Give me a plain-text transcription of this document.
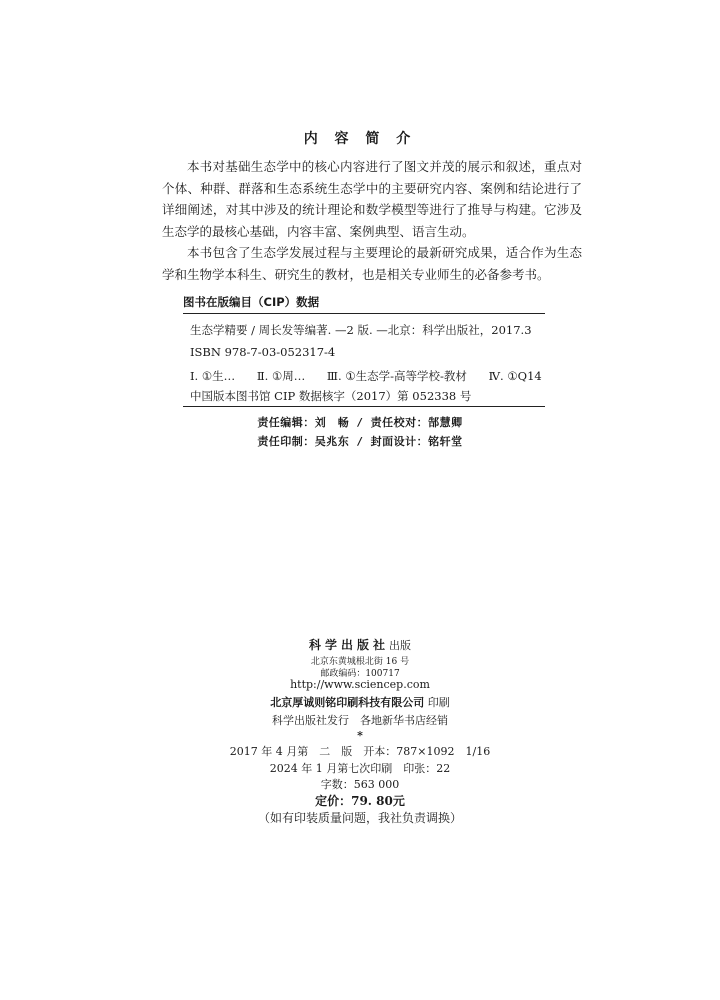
内 容 简 介

本书对基础生态学中的核心内容进行了图文并茂的展示和叙述，重点对个体、种群、群落和生态系统生态学中的主要研究内容、案例和结论进行了详细阐述，对其中涉及的统计理论和数学模型等进行了推导与构建。它涉及生态学的最核心基础，内容丰富、案例典型、语言生动。

本书包含了生态学发展过程与主要理论的最新研究成果，适合作为生态学和生物学本科生、研究生的教材，也是相关专业师生的必备参考书。

图书在版编目（CIP）数据
生态学精要 / 周长发等编著. —2 版. —北京：科学出版社，2017.3
ISBN 978-7-03-052317-4
Ⅰ. ①生… Ⅱ. ①周… Ⅲ. ①生态学-高等学校-教材 Ⅳ. ①Q14
中国版本图书馆 CIP 数据核字（2017）第 052338 号
责任编辑：刘　畅 / 责任校对：郜慧卿
责任印制：吴兆东 / 封面设计：铭轩堂
科学出版社出版
北京东黄城根北街 16 号
邮政编码：100717
http://www.sciencep.com
北京厚诚则铭印刷科技有限公司 印刷
科学出版社发行　各地新华书店经销
*
2017 年 4 月第　二　版　开本：787×1092　1/16
2024 年 1 月第七次印刷　印张：22
字数：563 000
定价：79. 80元
（如有印装质量问题，我社负责调换）
